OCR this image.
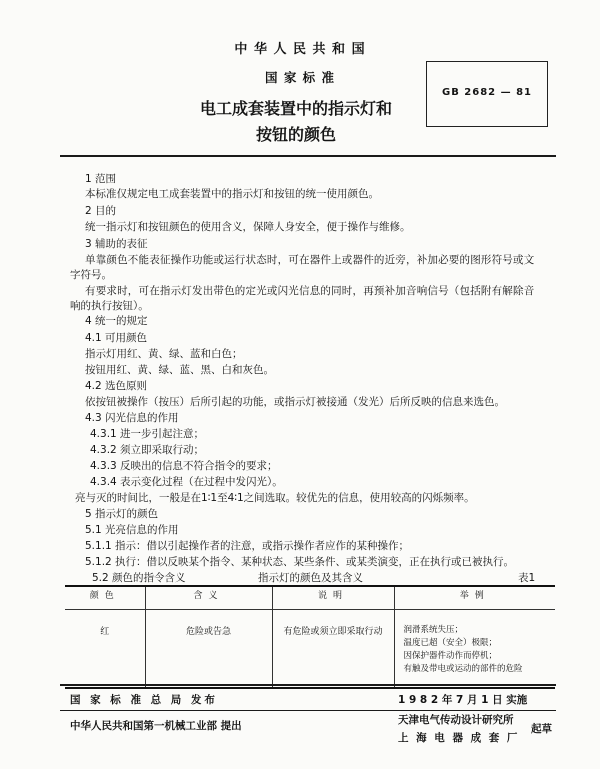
中 华 人 民 共 和 国
国 家 标 准
电工成套装置中的指示灯和
按钮的颜色
GB 2682 — 81
1 范围
本标准仅规定电工成套装置中的指示灯和按钮的统一使用颜色。
2 目的
统一指示灯和按钮颜色的使用含义，保障人身安全，便于操作与维修。
3 辅助的表征
单靠颜色不能表征操作功能或运行状态时，可在器件上或器件的近旁，补加必要的图形符号或文
字符号。
有要求时，可在指示灯发出带色的定光或闪光信息的同时，再预补加音响信号（包括附有解除音
响的执行按钮）。
4 统一的规定
4.1 可用颜色
指示灯用红、黄、绿、蓝和白色；
按钮用红、黄、绿、蓝、黑、白和灰色。
4.2 选色原则
依按钮被操作（按压）后所引起的功能，或指示灯被接通（发光）后所反映的信息来选色。
4.3 闪光信息的作用
4.3.1 进一步引起注意；
4.3.2 须立即采取行动；
4.3.3 反映出的信息不符合指令的要求；
4.3.4 表示变化过程（在过程中发闪光）。
亮与灭的时间比，一般是在1∶1至4∶1之间选取。较优先的信息，使用较高的闪烁频率。
5 指示灯的颜色
5.1 光亮信息的作用
5.1.1 指示：借以引起操作者的注意，或指示操作者应作的某种操作；
5.1.2 执行：借以反映某个指令、某种状态、某些条件、或某类演变，正在执行或已被执行。
5.2 颜色的指令含义	指示灯的颜色及其含义	表1
颜色	含义	说明	举例
红	危险或告急	有危险或须立即采取行动	润滑系统失压；
温度已超（安全）极限；
因保护器件动作而停机；
有触及带电或运动的部件的危险
国 家 标 准 总 局 发布	1 9 8 2 年 7 月 1 日 实施
中华人民共和国第一机械工业部 提出	天津电气传动设计研究所
上 海 电 器 成 套 厂
起草
